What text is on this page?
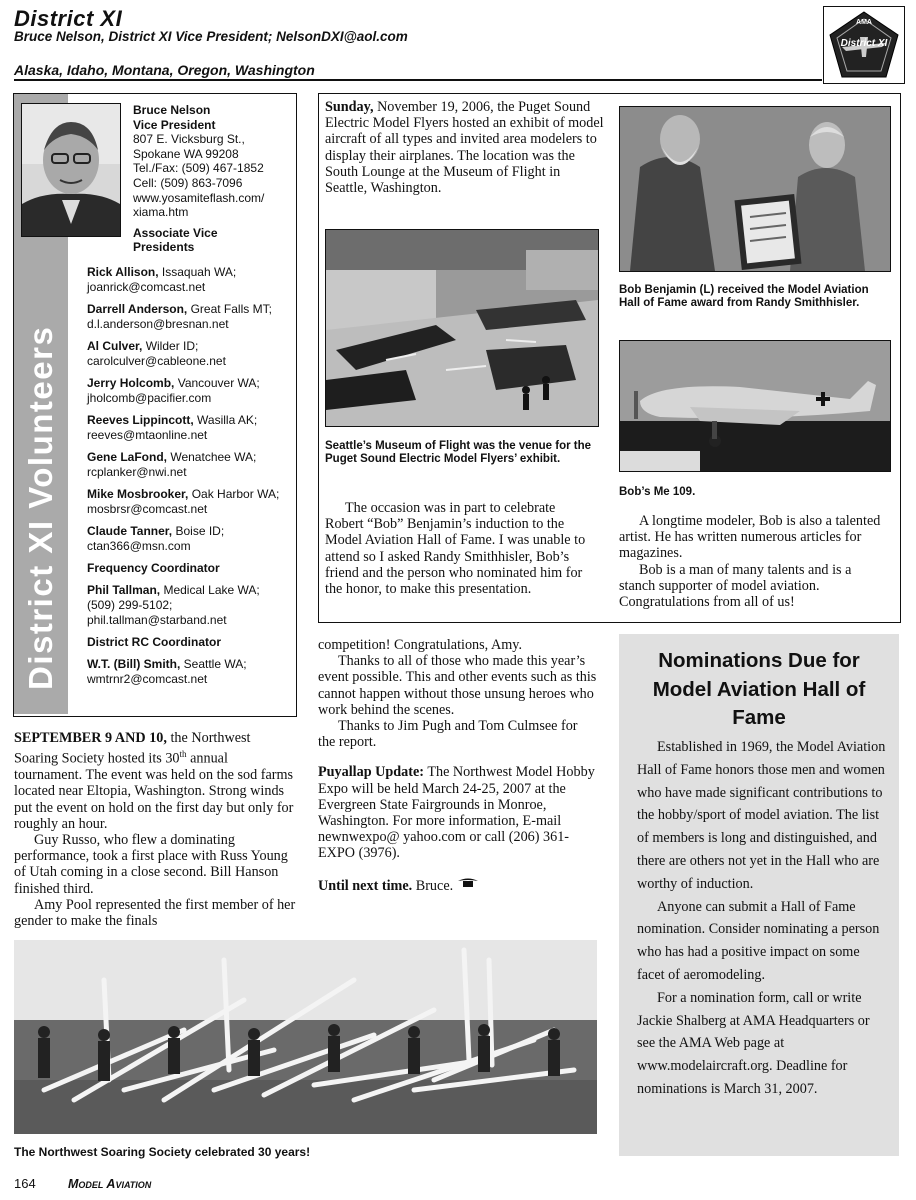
District XI
Bruce Nelson, District XI Vice President; NelsonDXI@aol.com
Alaska, Idaho, Montana, Oregon, Washington
AMA
District XI
District XI Volunteers
Bruce Nelson
Vice President
807 E. Vicksburg St.,
Spokane WA 99208
Tel./Fax: (509) 467-1852
Cell: (509) 863-7096
www.yosamiteflash.com/
xiama.htm
Associate Vice Presidents
Rick Allison, Issaquah WA; joanrick@comcast.net
Darrell Anderson, Great Falls MT; d.l.anderson@bresnan.net
Al Culver, Wilder ID; carolculver@cableone.net
Jerry Holcomb, Vancouver WA; jholcomb@pacifier.com
Reeves Lippincott, Wasilla AK; reeves@mtaonline.net
Gene LaFond, Wenatchee WA; rcplanker@nwi.net
Mike Mosbrooker, Oak Harbor WA; mosbrsr@comcast.net
Claude Tanner, Boise ID; ctan366@msn.com
Frequency Coordinator
Phil Tallman, Medical Lake WA; (509) 299-5102; phil.tallman@starband.net
District RC Coordinator
W.T. (Bill) Smith, Seattle WA; wmtrnr2@comcast.net

Sunday, November 19, 2006, the Puget Sound Electric Model Flyers hosted an exhibit of model aircraft of all types and invited area modelers to display their airplanes. The location was the South Lounge at the Museum of Flight in Seattle, Washington.

Seattle’s Museum of Flight was the venue for the Puget Sound Electric Model Flyers’ exhibit.

The occasion was in part to celebrate Robert “Bob” Benjamin’s induction to the Model Aviation Hall of Fame. I was unable to attend so I asked Randy Smithhisler, Bob’s friend and the person who nominated him for the honor, to make this presentation.

Bob Benjamin (L) received the Model Aviation Hall of Fame award from Randy Smithhisler.
Bob’s Me 109.

A longtime modeler, Bob is also a talented artist. He has written numerous articles for magazines.

Bob is a man of many talents and is a stanch supporter of model aviation. Congratulations from all of us!

SEPTEMBER 9 AND 10, the Northwest Soaring Society hosted its 30th annual tournament. The event was held on the sod farms located near Eltopia, Washington. Strong winds put the event on hold on the first day but only for roughly an hour.

Guy Russo, who flew a dominating performance, took a first place with Russ Young of Utah coming in a close second. Bill Hanson finished third.

Amy Pool represented the first member of her gender to make the finals

competition! Congratulations, Amy.

Thanks to all of those who made this year’s event possible. This and other events such as this cannot happen without those unsung heroes who work behind the scenes.

Thanks to Jim Pugh and Tom Culmsee for the report.

Puyallap Update: The Northwest Model Hobby Expo will be held March 24-25, 2007 at the Evergreen State Fairgrounds in Monroe, Washington. For more information, E-mail newnwexpo@ yahoo.com or call (206) 361-EXPO (3976).

Until next time. Bruce.

Nominations Due for Model Aviation Hall of Fame

Established in 1969, the Model Aviation Hall of Fame honors those men and women who have made significant contributions to the hobby/sport of model aviation. The list of members is long and distinguished, and there are others not yet in the Hall who are worthy of induction.

Anyone can submit a Hall of Fame nomination. Consider nominating a person who has had a positive impact on some facet of aeromodeling.

For a nomination form, call or write Jackie Shalberg at AMA Headquarters or see the AMA Web page at www.modelaircraft.org. Deadline for nominations is March 31, 2007.

The Northwest Soaring Society celebrated 30 years!
164	Model Aviation
